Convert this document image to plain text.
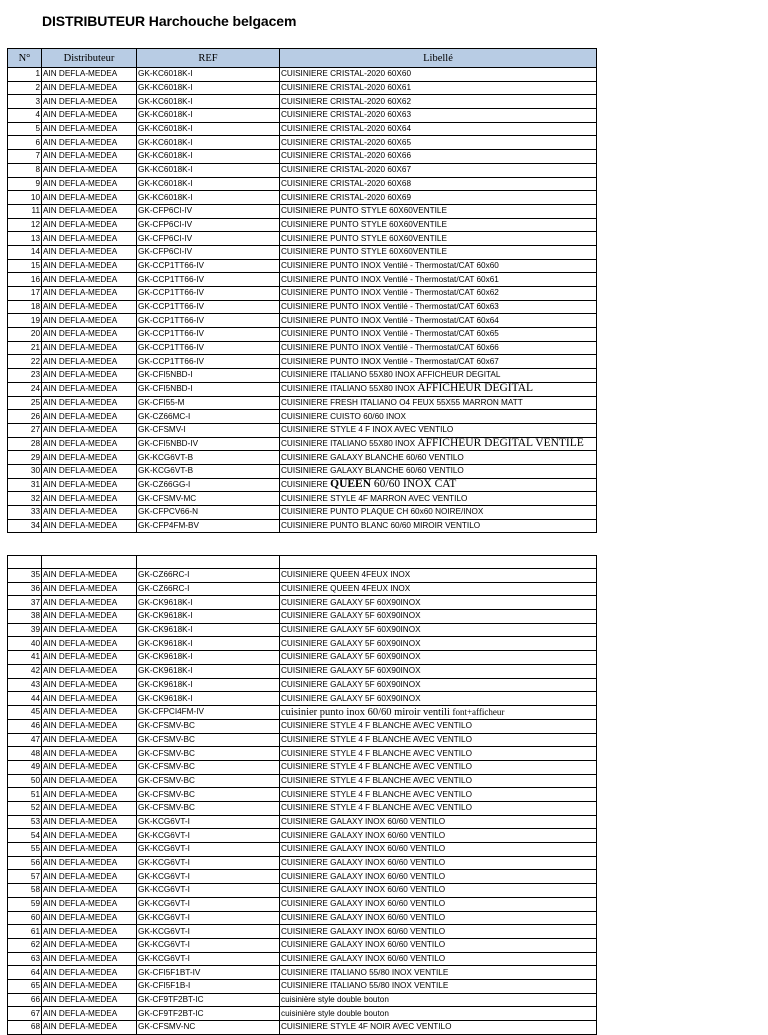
DISTRIBUTEUR Harchouche belgacem
N°	Distributeur	REF	Libellé
1	AIN DEFLA-MEDEA	GK-KC6018K-I	CUISINIERE CRISTAL-2020 60X60
2	AIN DEFLA-MEDEA	GK-KC6018K-I	CUISINIERE CRISTAL-2020 60X61
3	AIN DEFLA-MEDEA	GK-KC6018K-I	CUISINIERE CRISTAL-2020 60X62
4	AIN DEFLA-MEDEA	GK-KC6018K-I	CUISINIERE CRISTAL-2020 60X63
5	AIN DEFLA-MEDEA	GK-KC6018K-I	CUISINIERE CRISTAL-2020 60X64
6	AIN DEFLA-MEDEA	GK-KC6018K-I	CUISINIERE CRISTAL-2020 60X65
7	AIN DEFLA-MEDEA	GK-KC6018K-I	CUISINIERE CRISTAL-2020 60X66
8	AIN DEFLA-MEDEA	GK-KC6018K-I	CUISINIERE CRISTAL-2020 60X67
9	AIN DEFLA-MEDEA	GK-KC6018K-I	CUISINIERE CRISTAL-2020 60X68
10	AIN DEFLA-MEDEA	GK-KC6018K-I	CUISINIERE CRISTAL-2020 60X69
11	AIN DEFLA-MEDEA	GK-CFP6CI-IV	CUISINIERE PUNTO STYLE 60X60VENTILE
12	AIN DEFLA-MEDEA	GK-CFP6CI-IV	CUISINIERE PUNTO STYLE 60X60VENTILE
13	AIN DEFLA-MEDEA	GK-CFP6CI-IV	CUISINIERE PUNTO STYLE 60X60VENTILE
14	AIN DEFLA-MEDEA	GK-CFP6CI-IV	CUISINIERE PUNTO STYLE 60X60VENTILE
15	AIN DEFLA-MEDEA	GK-CCP1TT66-IV	CUISINIERE PUNTO INOX Ventilé - Thermostat/CAT 60x60
16	AIN DEFLA-MEDEA	GK-CCP1TT66-IV	CUISINIERE PUNTO INOX Ventilé - Thermostat/CAT 60x61
17	AIN DEFLA-MEDEA	GK-CCP1TT66-IV	CUISINIERE PUNTO INOX Ventilé - Thermostat/CAT 60x62
18	AIN DEFLA-MEDEA	GK-CCP1TT66-IV	CUISINIERE PUNTO INOX Ventilé - Thermostat/CAT 60x63
19	AIN DEFLA-MEDEA	GK-CCP1TT66-IV	CUISINIERE PUNTO INOX Ventilé - Thermostat/CAT 60x64
20	AIN DEFLA-MEDEA	GK-CCP1TT66-IV	CUISINIERE PUNTO INOX Ventilé - Thermostat/CAT 60x65
21	AIN DEFLA-MEDEA	GK-CCP1TT66-IV	CUISINIERE PUNTO INOX Ventilé - Thermostat/CAT 60x66
22	AIN DEFLA-MEDEA	GK-CCP1TT66-IV	CUISINIERE PUNTO INOX Ventilé - Thermostat/CAT 60x67
23	AIN DEFLA-MEDEA	GK-CFI5NBD-I	CUISINIERE ITALIANO 55X80 INOX AFFICHEUR DEGITAL
24	AIN DEFLA-MEDEA	GK-CFI5NBD-I	CUISINIERE ITALIANO 55X80 INOX AFFICHEUR DEGITAL
25	AIN DEFLA-MEDEA	GK-CFI55-M	CUISINIERE FRESH ITALIANO O4 FEUX 55X55 MARRON MATT
26	AIN DEFLA-MEDEA	GK-CZ66MC-I	CUISINIERE CUISTO 60/60 INOX
27	AIN DEFLA-MEDEA	GK-CFSMV-I	CUISINIERE STYLE 4 F INOX AVEC VENTILO
28	AIN DEFLA-MEDEA	GK-CFI5NBD-IV	CUISINIERE ITALIANO 55X80 INOX AFFICHEUR DEGITAL VENTILE
29	AIN DEFLA-MEDEA	GK-KCG6VT-B	CUISINIERE GALAXY BLANCHE 60/60 VENTILO
30	AIN DEFLA-MEDEA	GK-KCG6VT-B	CUISINIERE GALAXY BLANCHE 60/60 VENTILO
31	AIN DEFLA-MEDEA	GK-CZ66GG-I	CUISINIERE QUEEN 60/60 INOX CAT
32	AIN DEFLA-MEDEA	GK-CFSMV-MC	CUISINIERE STYLE 4F MARRON AVEC VENTILO
33	AIN DEFLA-MEDEA	GK-CFPCV66-N	CUISINIERE PUNTO PLAQUE CH 60x60 NOIRE/INOX
34	AIN DEFLA-MEDEA	GK-CFP4FM-BV	CUISINIERE PUNTO BLANC 60/60 MIROIR VENTILO

35	AIN DEFLA-MEDEA	GK-CZ66RC-I	CUISINIERE QUEEN 4FEUX INOX
36	AIN DEFLA-MEDEA	GK-CZ66RC-I	CUISINIERE QUEEN 4FEUX INOX
37	AIN DEFLA-MEDEA	GK-CK9618K-I	CUISINIERE GALAXY 5F 60X90INOX
38	AIN DEFLA-MEDEA	GK-CK9618K-I	CUISINIERE GALAXY 5F 60X90INOX
39	AIN DEFLA-MEDEA	GK-CK9618K-I	CUISINIERE GALAXY 5F 60X90INOX
40	AIN DEFLA-MEDEA	GK-CK9618K-I	CUISINIERE GALAXY 5F 60X90INOX
41	AIN DEFLA-MEDEA	GK-CK9618K-I	CUISINIERE GALAXY 5F 60X90INOX
42	AIN DEFLA-MEDEA	GK-CK9618K-I	CUISINIERE GALAXY 5F 60X90INOX
43	AIN DEFLA-MEDEA	GK-CK9618K-I	CUISINIERE GALAXY 5F 60X90INOX
44	AIN DEFLA-MEDEA	GK-CK9618K-I	CUISINIERE GALAXY 5F 60X90INOX
45	AIN DEFLA-MEDEA	GK-CFPCI4FM-IV	cuisinier punto inox 60/60 miroir ventili font+afficheur
46	AIN DEFLA-MEDEA	GK-CFSMV-BC	CUISINIERE STYLE 4 F BLANCHE AVEC VENTILO
47	AIN DEFLA-MEDEA	GK-CFSMV-BC	CUISINIERE STYLE 4 F BLANCHE AVEC VENTILO
48	AIN DEFLA-MEDEA	GK-CFSMV-BC	CUISINIERE STYLE 4 F BLANCHE AVEC VENTILO
49	AIN DEFLA-MEDEA	GK-CFSMV-BC	CUISINIERE STYLE 4 F BLANCHE AVEC VENTILO
50	AIN DEFLA-MEDEA	GK-CFSMV-BC	CUISINIERE STYLE 4 F BLANCHE AVEC VENTILO
51	AIN DEFLA-MEDEA	GK-CFSMV-BC	CUISINIERE STYLE 4 F BLANCHE AVEC VENTILO
52	AIN DEFLA-MEDEA	GK-CFSMV-BC	CUISINIERE STYLE 4 F BLANCHE AVEC VENTILO
53	AIN DEFLA-MEDEA	GK-KCG6VT-I	CUISINIERE GALAXY INOX 60/60 VENTILO
54	AIN DEFLA-MEDEA	GK-KCG6VT-I	CUISINIERE GALAXY INOX 60/60 VENTILO
55	AIN DEFLA-MEDEA	GK-KCG6VT-I	CUISINIERE GALAXY INOX 60/60 VENTILO
56	AIN DEFLA-MEDEA	GK-KCG6VT-I	CUISINIERE GALAXY INOX 60/60 VENTILO
57	AIN DEFLA-MEDEA	GK-KCG6VT-I	CUISINIERE GALAXY INOX 60/60 VENTILO
58	AIN DEFLA-MEDEA	GK-KCG6VT-I	CUISINIERE GALAXY INOX 60/60 VENTILO
59	AIN DEFLA-MEDEA	GK-KCG6VT-I	CUISINIERE GALAXY INOX 60/60 VENTILO
60	AIN DEFLA-MEDEA	GK-KCG6VT-I	CUISINIERE GALAXY INOX 60/60 VENTILO
61	AIN DEFLA-MEDEA	GK-KCG6VT-I	CUISINIERE GALAXY INOX 60/60 VENTILO
62	AIN DEFLA-MEDEA	GK-KCG6VT-I	CUISINIERE GALAXY INOX 60/60 VENTILO
63	AIN DEFLA-MEDEA	GK-KCG6VT-I	CUISINIERE GALAXY INOX 60/60 VENTILO
64	AIN DEFLA-MEDEA	GK-CFI5F1BT-IV	CUISINIERE ITALIANO 55/80 INOX VENTILE
65	AIN DEFLA-MEDEA	GK-CFI5F1B-I	CUISINIERE ITALIANO 55/80 INOX VENTILE
66	AIN DEFLA-MEDEA	GK-CF9TF2BT-IC	cuisinière style double bouton
67	AIN DEFLA-MEDEA	GK-CF9TF2BT-IC	cuisinière style double bouton
68	AIN DEFLA-MEDEA	GK-CFSMV-NC	CUISINIERE STYLE 4F NOIR AVEC VENTILO
